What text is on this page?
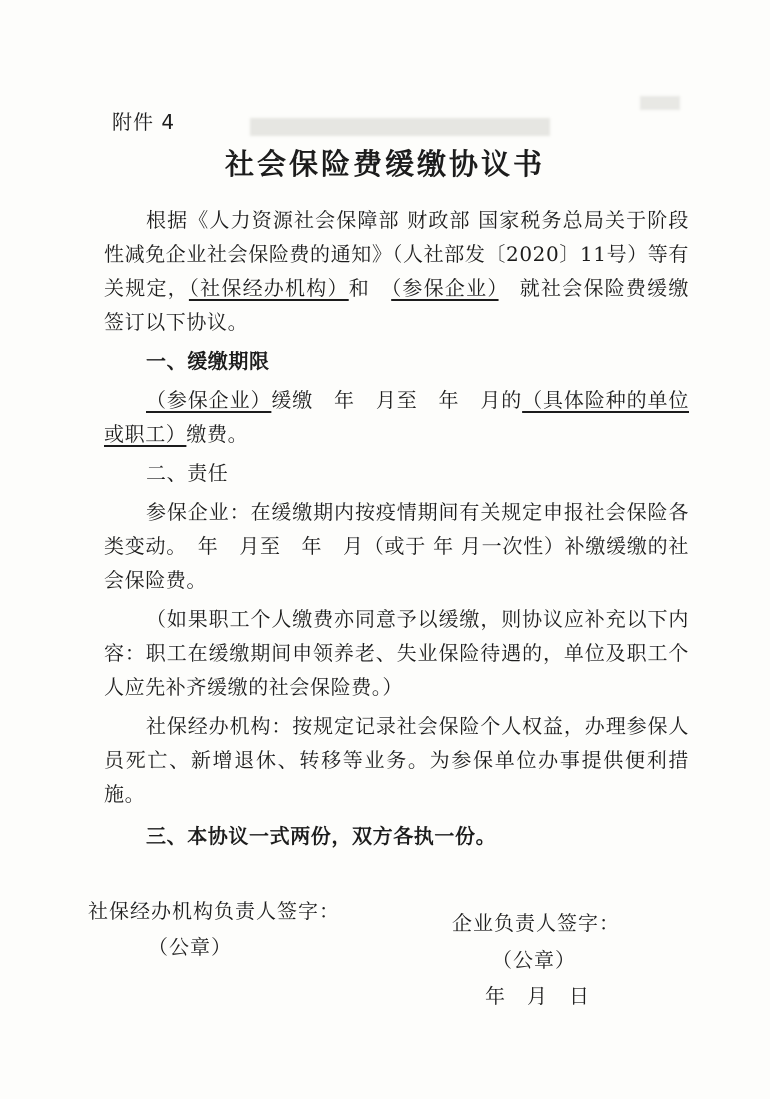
附件 4
社会保险费缓缴协议书

根据《人力资源社会保障部 财政部 国家税务总局关于阶段性减免企业社会保险费的通知》（人社部发〔2020〕11号）等有关规定，（社保经办机构）和　 （参保企业）　 就社会保险费缓缴签订以下协议。

一、缓缴期限

（参保企业）缓缴　年　月至　年　月的（具体险种的单位或职工）缴费。

二、责任

参保企业：在缓缴期内按疫情期间有关规定申报社会保险各类变动。　年　月至　年　月（或于 年 月一次性）补缴缓缴的社会保险费。

（如果职工个人缴费亦同意予以缓缴，则协议应补充以下内容：职工在缓缴期间申领养老、失业保险待遇的，单位及职工个人应先补齐缓缴的社会保险费。）

社保经办机构：按规定记录社会保险个人权益，办理参保人员死亡、新增退休、转移等业务。为参保单位办事提供便利措施。

三、本协议一式两份，双方各执一份。

社保经办机构负责人签字：
（公章）
企业负责人签字：
（公章）
年　月　日
